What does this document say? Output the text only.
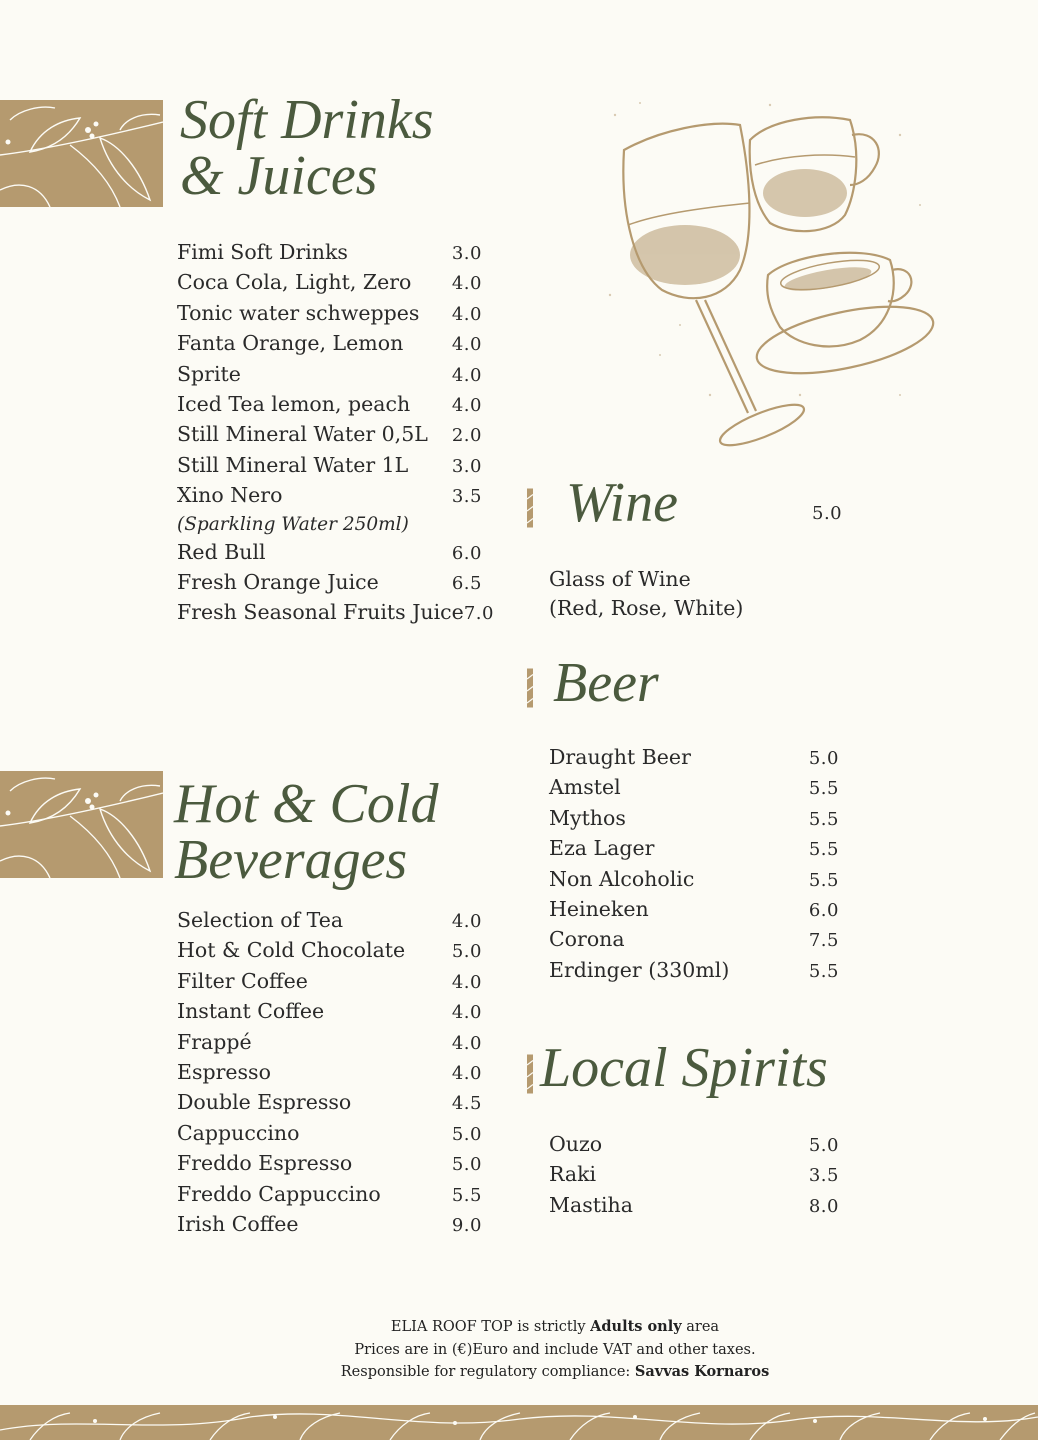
Soft Drinks
& Juices
Fimi Soft Drinks	3.0
Coca Cola, Light, Zero 4.0
Tonic water schweppes 4.0
Fanta Orange, Lemon	4.0
Sprite	4.0
Iced Tea lemon, peach 4.0
Still Mineral Water 0,5L 2.0
Still Mineral Water 1L 3.0
Xino Nero	3.5
(Sparkling Water 250ml)
Red Bull	6.0
Fresh Orange Juice	6.5
Fresh Seasonal Fruits Juice 7.0
Hot & Cold
Beverages
Selection of Tea	4.0
Hot & Cold Chocolate	5.0
Filter Coffee	4.0
Instant Coffee	4.0
Frappé	4.0
Espresso	4.0
Double Espresso	4.5
Cappuccino	5.0
Freddo Espresso	5.0
Freddo Cappuccino	5.5
Irish Coffee	9.0
Wine	5.0
Glass of Wine
(Red, Rose, White)
Beer
Draught Beer	5.0
Amstel	5.5
Mythos	5.5
Eza Lager	5.5
Non Alcoholic	5.5
Heineken	6.0
Corona	7.5
Erdinger (330ml)	5.5
Local Spirits
Ouzo	5.0
Raki	3.5
Mastiha	8.0
ELIA ROOF TOP is strictly Adults only area
Prices are in (€)Euro and include VAT and other taxes.
Responsible for regulatory compliance: Savvas Kornaros
